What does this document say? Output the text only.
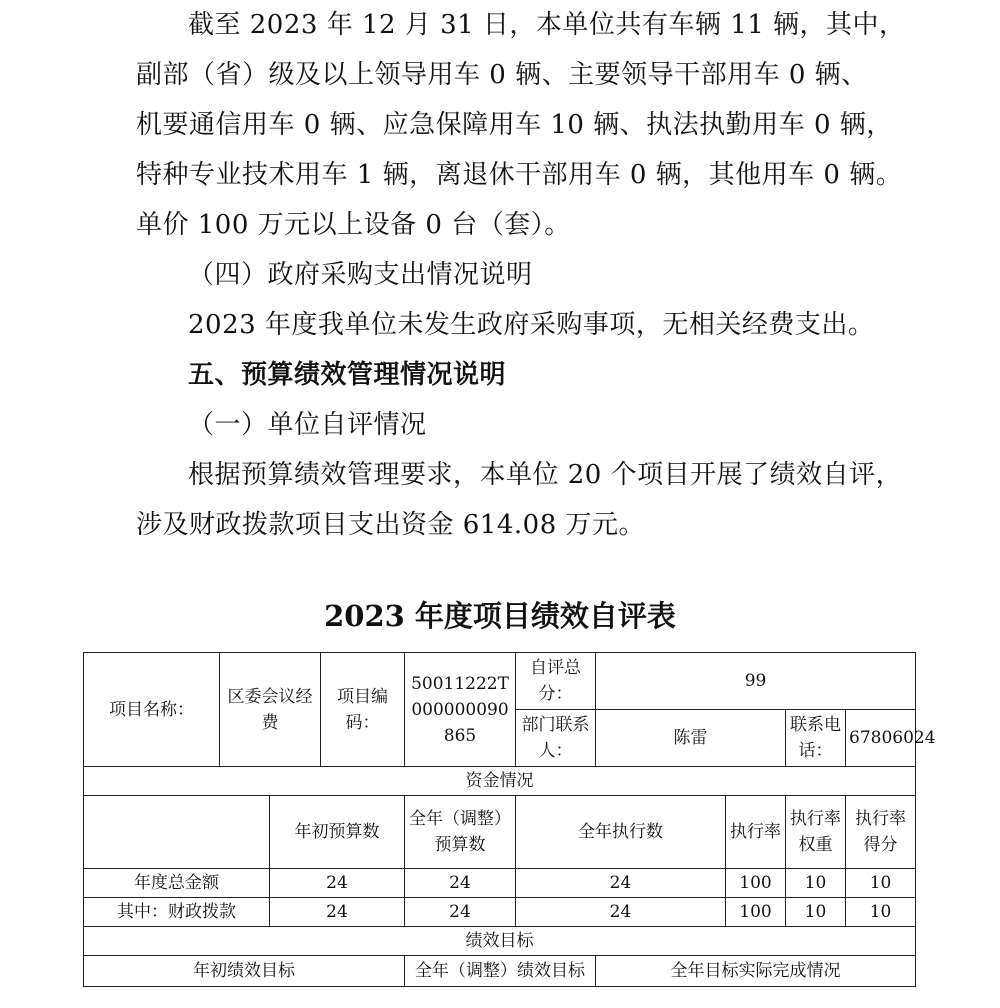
截至 2023 年 12 月 31 日，本单位共有车辆 11 辆，其中，

副部（省）级及以上领导用车 0 辆、主要领导干部用车 0 辆、

机要通信用车 0 辆、应急保障用车 10 辆、执法执勤用车 0 辆，

特种专业技术用车 1 辆，离退休干部用车 0 辆，其他用车 0 辆。

单价 100 万元以上设备 0 台（套）。

（四）政府采购支出情况说明

2023 年度我单位未发生政府采购事项，无相关经费支出。

五、预算绩效管理情况说明

（一）单位自评情况

根据预算绩效管理要求，本单位 20 个项目开展了绩效自评，

涉及财政拨款项目支出资金 614.08 万元。

2023 年度项目绩效自评表
项目名称：	区委会议经费		项目编码：	50011222T000000090865	自评总分：	99			
					部门联系人：	陈雷		联系电话：	67806024
资金情况									
		年初预算数		全年（调整）预算数	全年执行数		执行率	执行率权重	执行率得分
年度总金额		24		24	24		100	10	10
其中：财政拨款		24		24	24		100	10	10
绩效目标									
年初绩效目标				全年（调整）绩效目标		全年目标实际完成情况			
